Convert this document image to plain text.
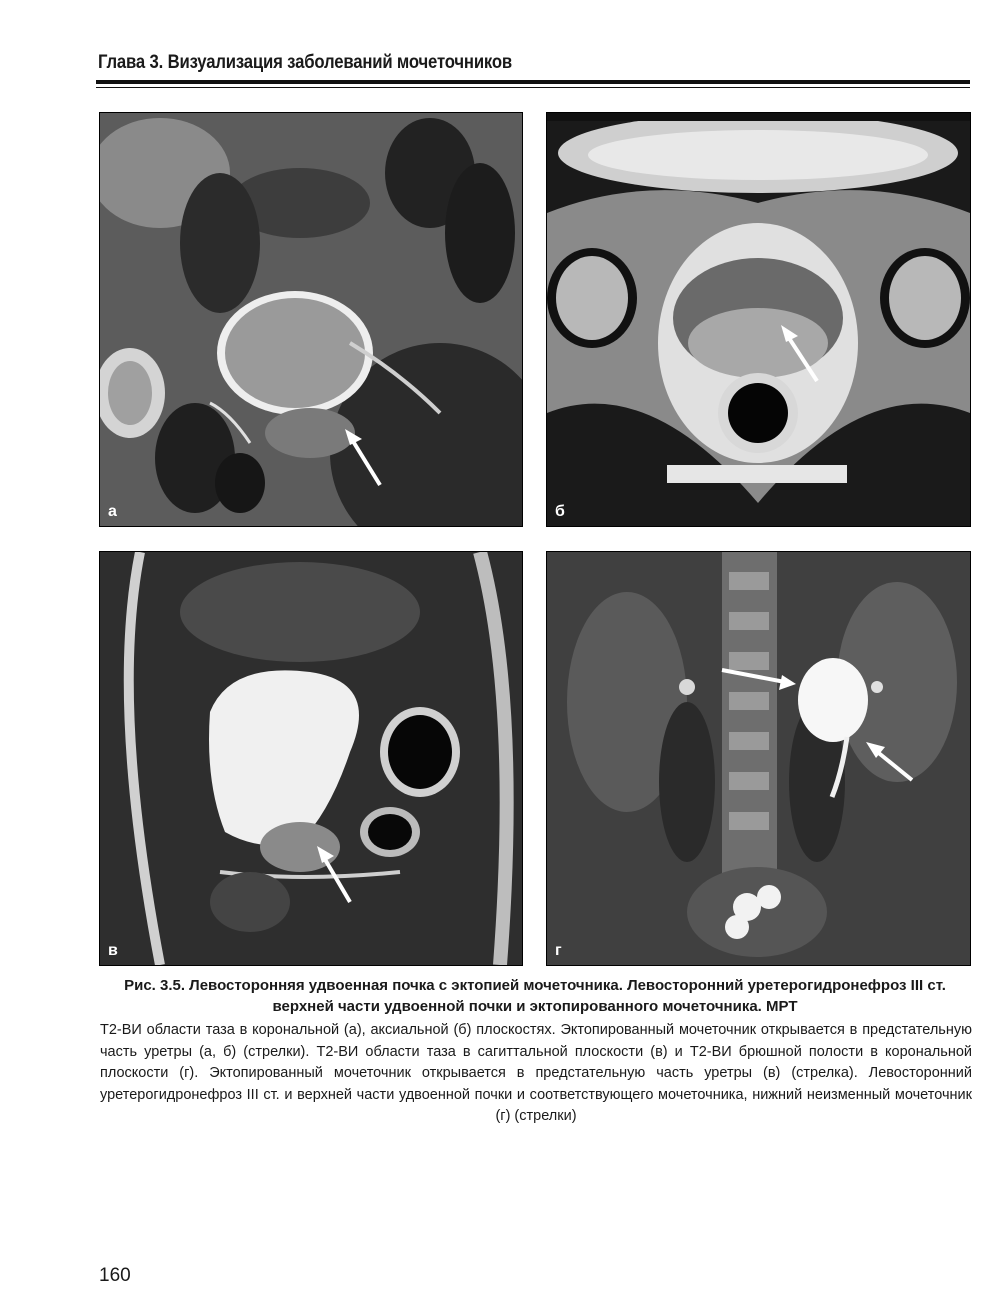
Глава 3. Визуализация заболеваний мочеточников
а	б
в	г
Рис. 3.5. Левосторонняя удвоенная почка с эктопией мочеточника. Левосторонний уретерогидронефроз III ст. верхней части удвоенной почки и эктопированного мочеточника. МРТ
Т2-ВИ области таза в корональной (а), аксиальной (б) плоскостях. Эктопированный мочеточник открывается в предстательную часть уретры (а, б) (стрелки). Т2-ВИ области таза в сагиттальной плоскости (в) и Т2-ВИ брюшной полости в корональной плоскости (г). Эктопированный мочеточник открывается в предстательную часть уретры (в) (стрелка). Левосторонний уретерогидронефроз III ст. и верхней части удвоенной почки и соответствующего мочеточника, нижний неизменный мочеточник (г) (стрелки)
160
